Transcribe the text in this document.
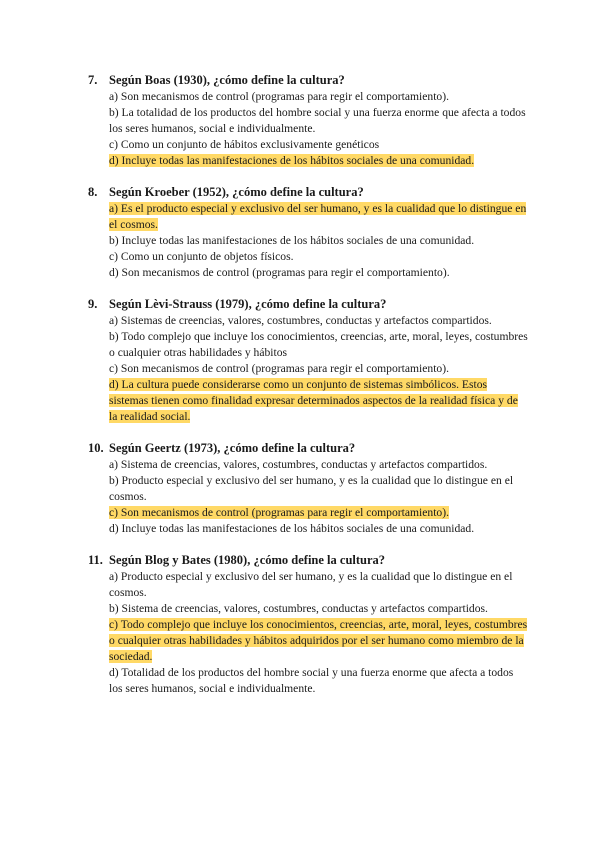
7. Según Boas (1930), ¿cómo define la cultura?

a) Son mecanismos de control (programas para regir el comportamiento).

b) La totalidad de los productos del hombre social y una fuerza enorme que afecta a todos los seres humanos, social e individualmente.

c) Como un conjunto de hábitos exclusivamente genéticos

d) Incluye todas las manifestaciones de los hábitos sociales de una comunidad.

8. Según Kroeber (1952), ¿cómo define la cultura?

a) Es el producto especial y exclusivo del ser humano, y es la cualidad que lo distingue en el cosmos.

b) Incluye todas las manifestaciones de los hábitos sociales de una comunidad.

c) Como un conjunto de objetos físicos.

d) Son mecanismos de control (programas para regir el comportamiento).

9. Según Lèvi-Strauss (1979), ¿cómo define la cultura?

a) Sistemas de creencias, valores, costumbres, conductas y artefactos compartidos.

b) Todo complejo que incluye los conocimientos, creencias, arte, moral, leyes, costumbres o cualquier otras habilidades y hábitos

c) Son mecanismos de control (programas para regir el comportamiento).

d) La cultura puede considerarse como un conjunto de sistemas simbólicos. Estos sistemas tienen como finalidad expresar determinados aspectos de la realidad física y de la realidad social.

10. Según Geertz (1973), ¿cómo define la cultura?

a) Sistema de creencias, valores, costumbres, conductas y artefactos compartidos.

b) Producto especial y exclusivo del ser humano, y es la cualidad que lo distingue en el cosmos.

c) Son mecanismos de control (programas para regir el comportamiento).

d) Incluye todas las manifestaciones de los hábitos sociales de una comunidad.

11. Según Blog y Bates (1980), ¿cómo define la cultura?

a) Producto especial y exclusivo del ser humano, y es la cualidad que lo distingue en el cosmos.

b) Sistema de creencias, valores, costumbres, conductas y artefactos compartidos.

c) Todo complejo que incluye los conocimientos, creencias, arte, moral, leyes, costumbres o cualquier otras habilidades y hábitos adquiridos por el ser humano como miembro de la sociedad.

d) Totalidad de los productos del hombre social y una fuerza enorme que afecta a todos los seres humanos, social e individualmente.
